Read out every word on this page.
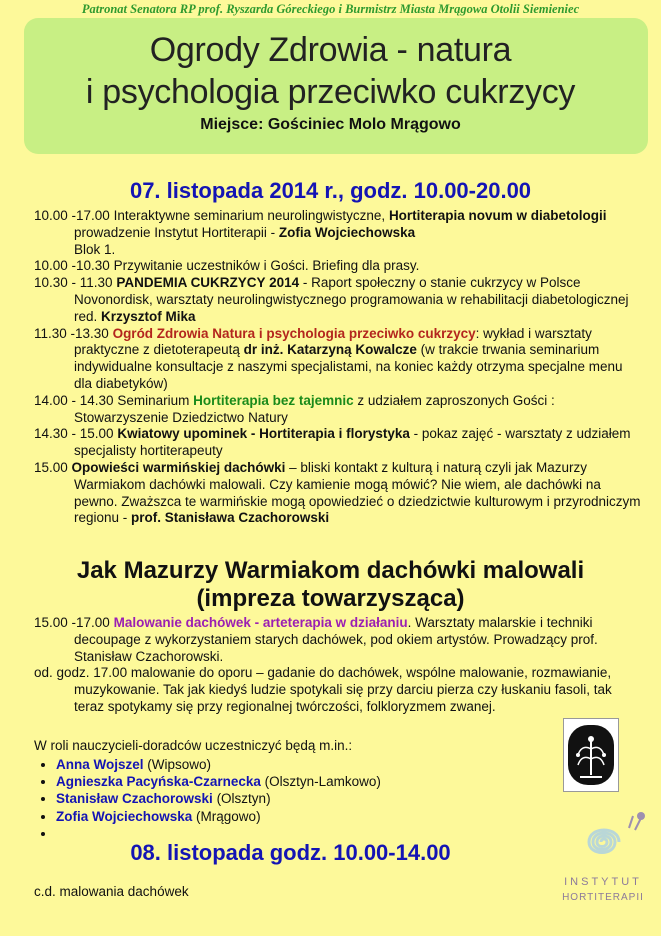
Patronat Senatora RP prof. Ryszarda Góreckiego i Burmistrz Miasta Mrągowa Otolii Siemieniec
Ogrody Zdrowia - natura
i psychologia przeciwko cukrzycy
Miejsce: Gościniec Molo Mrągowo
07. listopada 2014 r., godz. 10.00-20.00

10.00 -17.00 Interaktywne seminarium neurolingwistyczne, Hortiterapia novum w diabetologii prowadzenie Instytut Hortiterapii - Zofia Wojciechowska
Blok 1.

10.00 -10.30 Przywitanie uczestników i Gości. Briefing dla prasy.

10.30 - 11.30 PANDEMIA CUKRZYCY 2014 - Raport społeczny o stanie cukrzycy w Polsce Novonordisk, warsztaty neurolingwistycznego programowania w rehabilitacji diabetologicznej red. Krzysztof Mika

11.30 -13.30 Ogród Zdrowia Natura i psychologia przeciwko cukrzycy: wykład i warsztaty praktyczne z dietoterapeutą dr inż. Katarzyną Kowalcze (w trakcie trwania seminarium indywidualne konsultacje z naszymi specjalistami, na koniec każdy otrzyma specjalne menu dla diabetyków)

14.00 - 14.30 Seminarium Hortiterapia bez tajemnic z udziałem zaproszonych Gości : Stowarzyszenie Dziedzictwo Natury

14.30 - 15.00 Kwiatowy upominek - Hortiterapia i florystyka - pokaz zajęć - warsztaty z udziałem specjalisty hortiterapeuty

15.00 Opowieści warmińskiej dachówki – bliski kontakt z kulturą i naturą czyli jak Mazurzy Warmiakom dachówki malowali. Czy kamienie mogą mówić? Nie wiem, ale dachówki na pewno. Zważszca te warmińskie mogą opowiedzieć o dziedzictwie kulturowym i przyrodniczym regionu - prof. Stanisława Czachorowski

Jak Mazurzy Warmiakom dachówki malowali
(impreza towarzysząca)

15.00 -17.00 Malowanie dachówek - arteterapia w działaniu. Warsztaty malarskie i techniki decoupage z wykorzystaniem starych dachówek, pod okiem artystów. Prowadzący prof. Stanisław Czachorowski.

od. godz. 17.00 malowanie do oporu – gadanie do dachówek, wspólne malowanie, rozmawianie, muzykowanie. Tak jak kiedyś ludzie spotykali się przy darciu pierza czy łuskaniu fasoli, tak teraz spotykamy się przy regionalnej twórczości, folkloryzmem zwanej.

W roli nauczycieli-doradców uczestniczyć będą m.in.:
• Anna Wojszel (Wipsowo)
• Agnieszka Pacyńska-Czarnecka (Olsztyn-Lamkowo)
• Stanisław Czachorowski (Olsztyn)
• Zofia Wojciechowska (Mrągowo)
•
08. listopada godz. 10.00-14.00
c.d. malowania dachówek
INSTYTUT
HORTITERAPII
